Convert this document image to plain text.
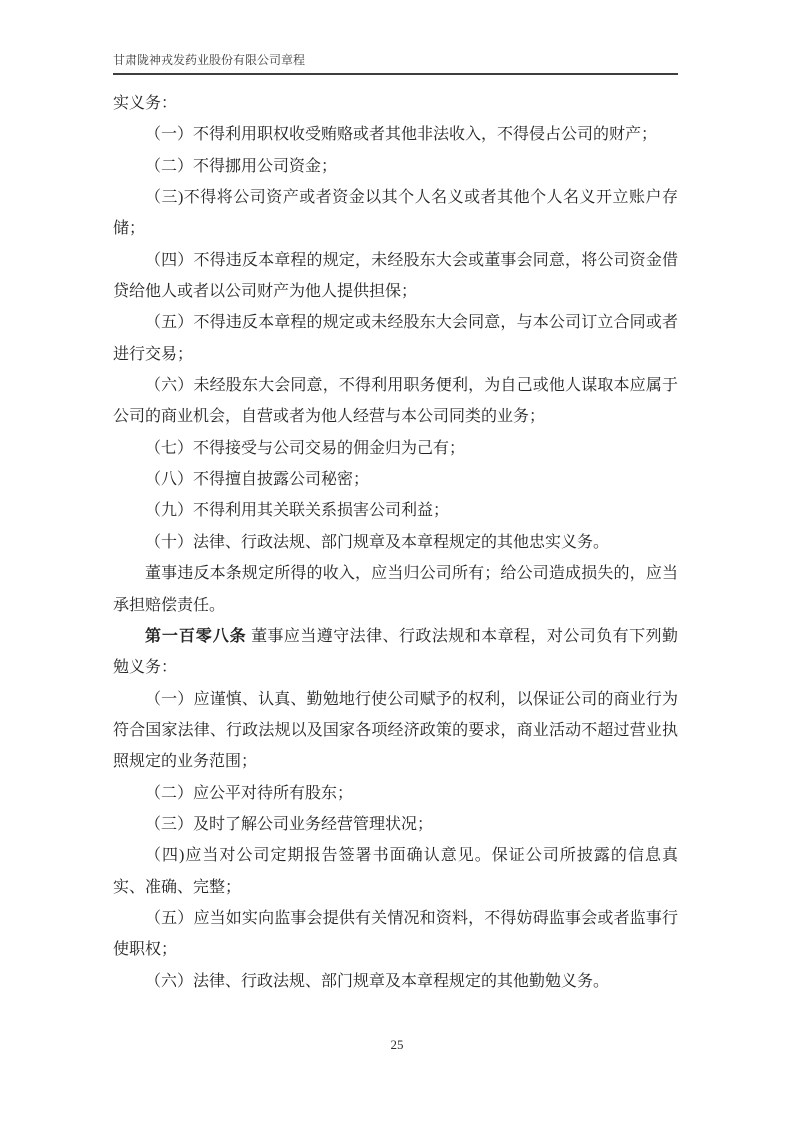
甘肃陇神戎发药业股份有限公司章程

实义务：

（一）不得利用职权收受贿赂或者其他非法收入，不得侵占公司的财产；

（二）不得挪用公司资金；

（三)不得将公司资产或者资金以其个人名义或者其他个人名义开立账户存储；

（四）不得违反本章程的规定，未经股东大会或董事会同意，将公司资金借贷给他人或者以公司财产为他人提供担保；

（五）不得违反本章程的规定或未经股东大会同意，与本公司订立合同或者进行交易；

（六）未经股东大会同意，不得利用职务便利，为自己或他人谋取本应属于公司的商业机会，自营或者为他人经营与本公司同类的业务；

（七）不得接受与公司交易的佣金归为己有；

（八）不得擅自披露公司秘密；

（九）不得利用其关联关系损害公司利益；

（十）法律、行政法规、部门规章及本章程规定的其他忠实义务。

董事违反本条规定所得的收入，应当归公司所有；给公司造成损失的，应当承担赔偿责任。

第一百零八条 董事应当遵守法律、行政法规和本章程，对公司负有下列勤勉义务：

（一）应谨慎、认真、勤勉地行使公司赋予的权利，以保证公司的商业行为符合国家法律、行政法规以及国家各项经济政策的要求，商业活动不超过营业执照规定的业务范围；

（二）应公平对待所有股东；

（三）及时了解公司业务经营管理状况；

（四)应当对公司定期报告签署书面确认意见。保证公司所披露的信息真实、准确、完整；

（五）应当如实向监事会提供有关情况和资料，不得妨碍监事会或者监事行使职权；

（六）法律、行政法规、部门规章及本章程规定的其他勤勉义务。

25
